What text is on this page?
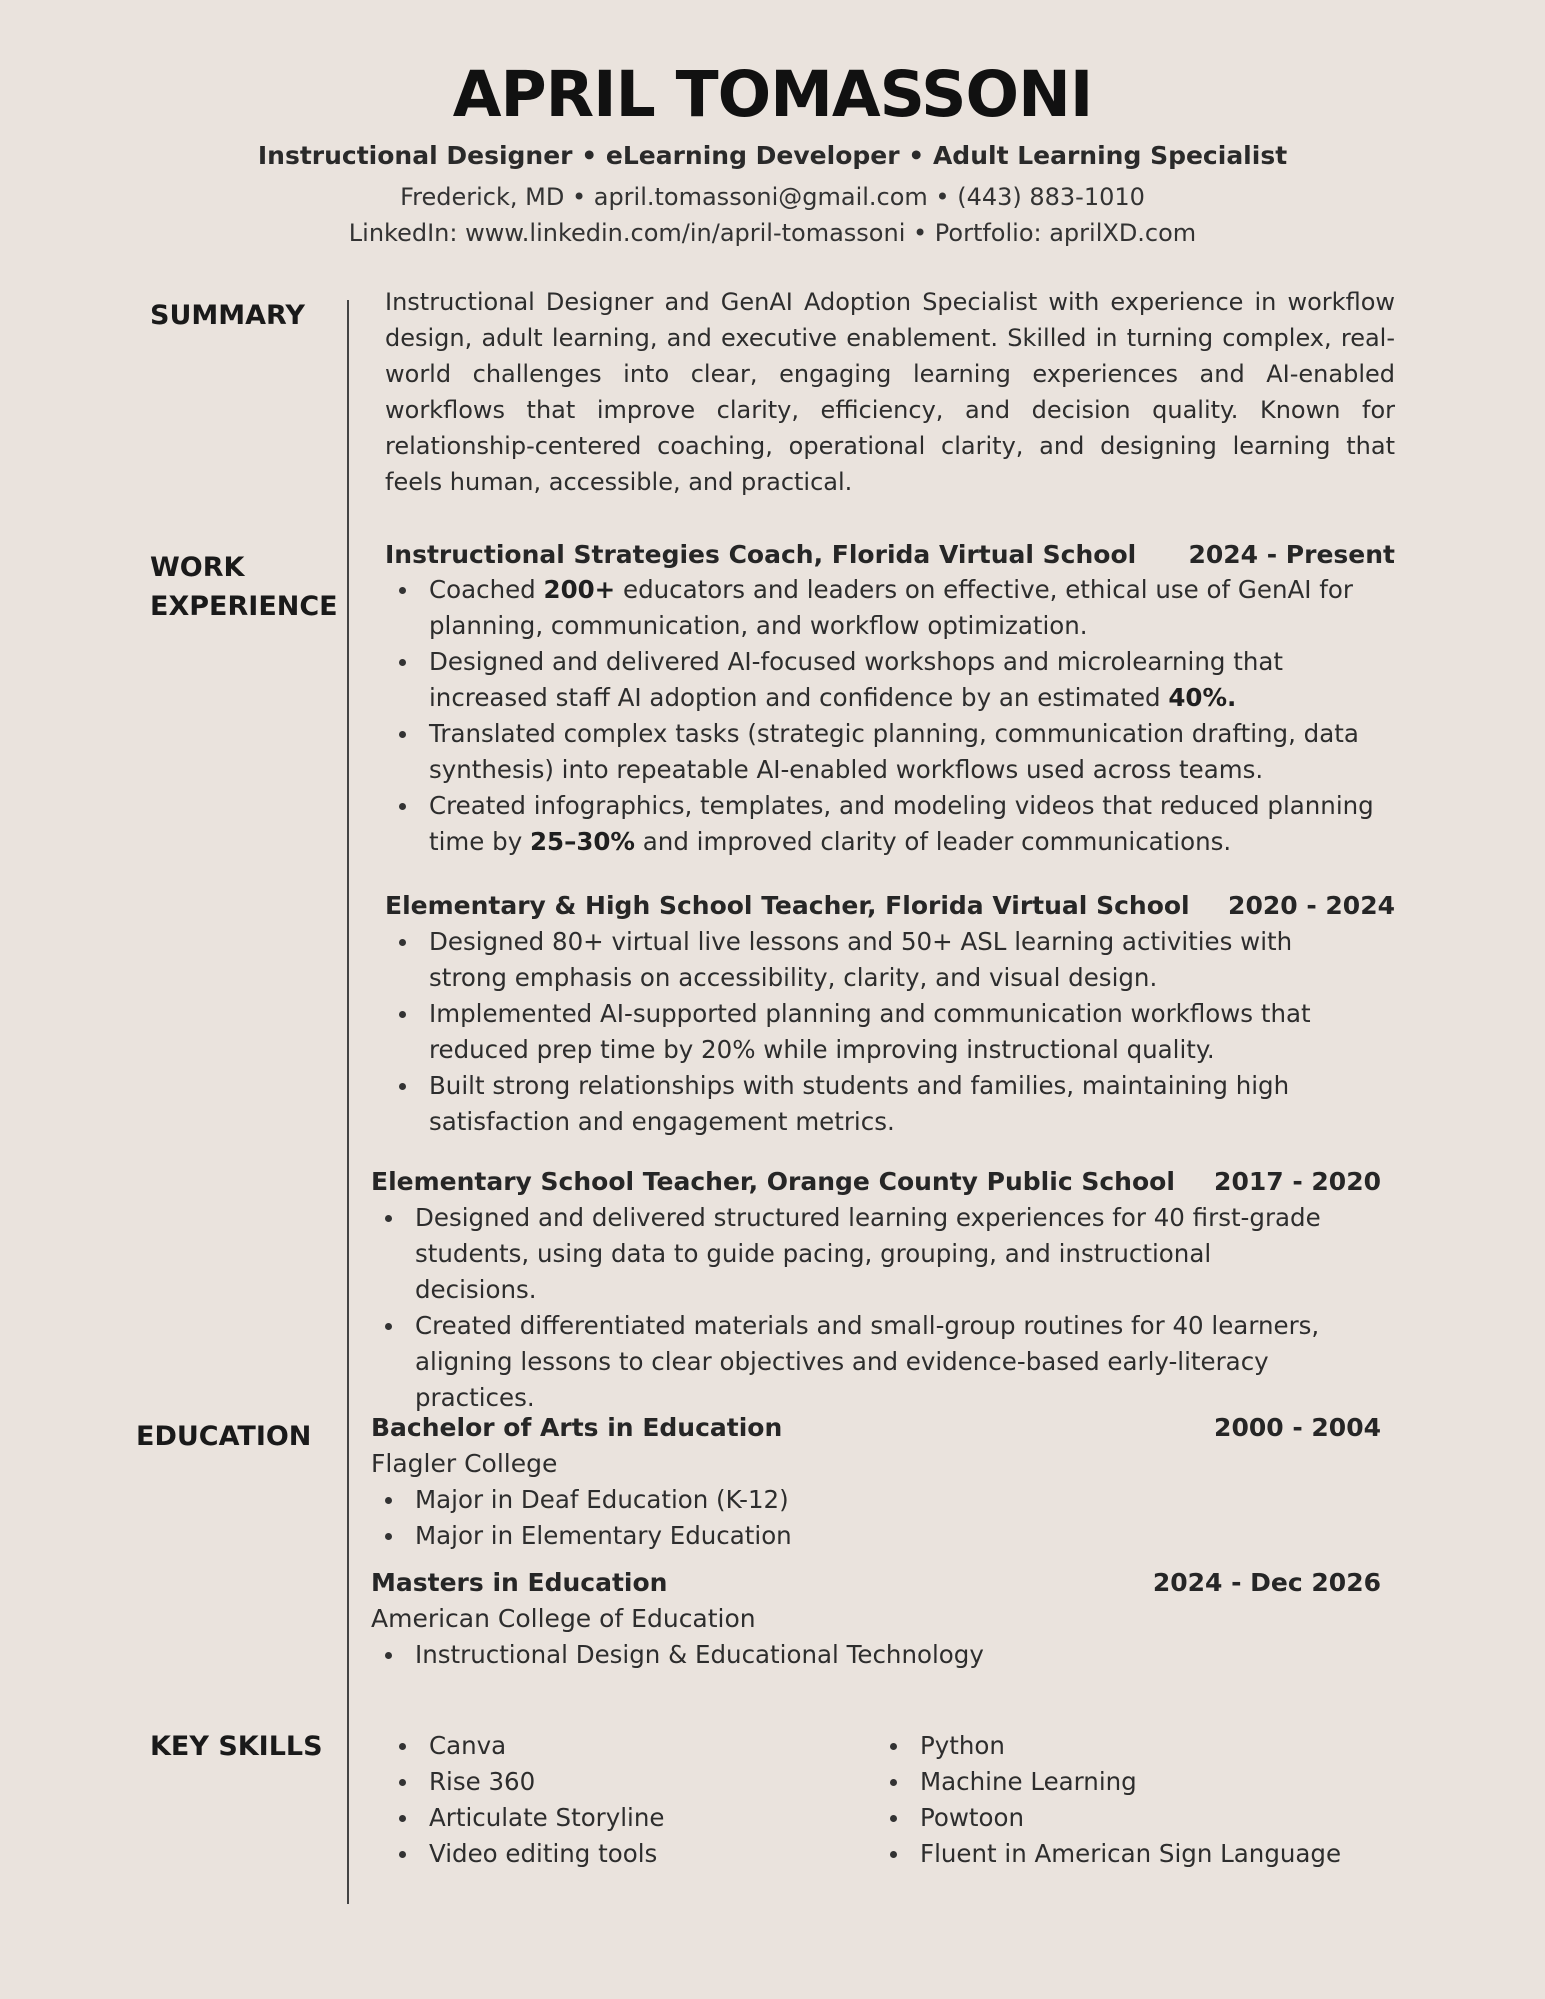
APRIL TOMASSONI
Instructional Designer • eLearning Developer • Adult Learning Specialist
Frederick, MD • april.tomassoni@gmail.com • (443) 883-1010
LinkedIn: www.linkedin.com/in/april-tomassoni • Portfolio: aprilXD.com
SUMMARY
WORK
EXPERIENCE
EDUCATION
KEY SKILLS
Instructional Designer and GenAI Adoption Specialist with experience in workflow design, adult learning, and executive enablement. Skilled in turning complex, real-world challenges into clear, engaging learning experiences and AI-enabled workflows that improve clarity, efficiency, and decision quality. Known for relationship-centered coaching, operational clarity, and designing learning that feels human, accessible, and practical.
Instructional Strategies Coach, Florida Virtual School 2024 - Present
Coached 200+ educators and leaders on effective, ethical use of GenAI for planning, communication, and workflow optimization.
Designed and delivered AI-focused workshops and microlearning that increased staff AI adoption and confidence by an estimated 40%.
Translated complex tasks (strategic planning, communication drafting, data synthesis) into repeatable AI-enabled workflows used across teams.
Created infographics, templates, and modeling videos that reduced planning time by 25–30% and improved clarity of leader communications.
Elementary & High School Teacher, Florida Virtual School 2020 - 2024
Designed 80+ virtual live lessons and 50+ ASL learning activities with strong emphasis on accessibility, clarity, and visual design.
Implemented AI-supported planning and communication workflows that reduced prep time by 20% while improving instructional quality.
Built strong relationships with students and families, maintaining high satisfaction and engagement metrics.
Elementary School Teacher, Orange County Public School 2017 - 2020
Designed and delivered structured learning experiences for 40 first-grade students, using data to guide pacing, grouping, and instructional decisions.
Created differentiated materials and small-group routines for 40 learners, aligning lessons to clear objectives and evidence-based early-literacy practices.
Bachelor of Arts in Education	2000 - 2004
Flagler College
Major in Deaf Education (K-12)
Major in Elementary Education
Masters in Education	2024 - Dec 2026
American College of Education
Instructional Design & Educational Technology
Canva
Rise 360
Articulate Storyline
Video editing tools
Python
Machine Learning
Powtoon
Fluent in American Sign Language
